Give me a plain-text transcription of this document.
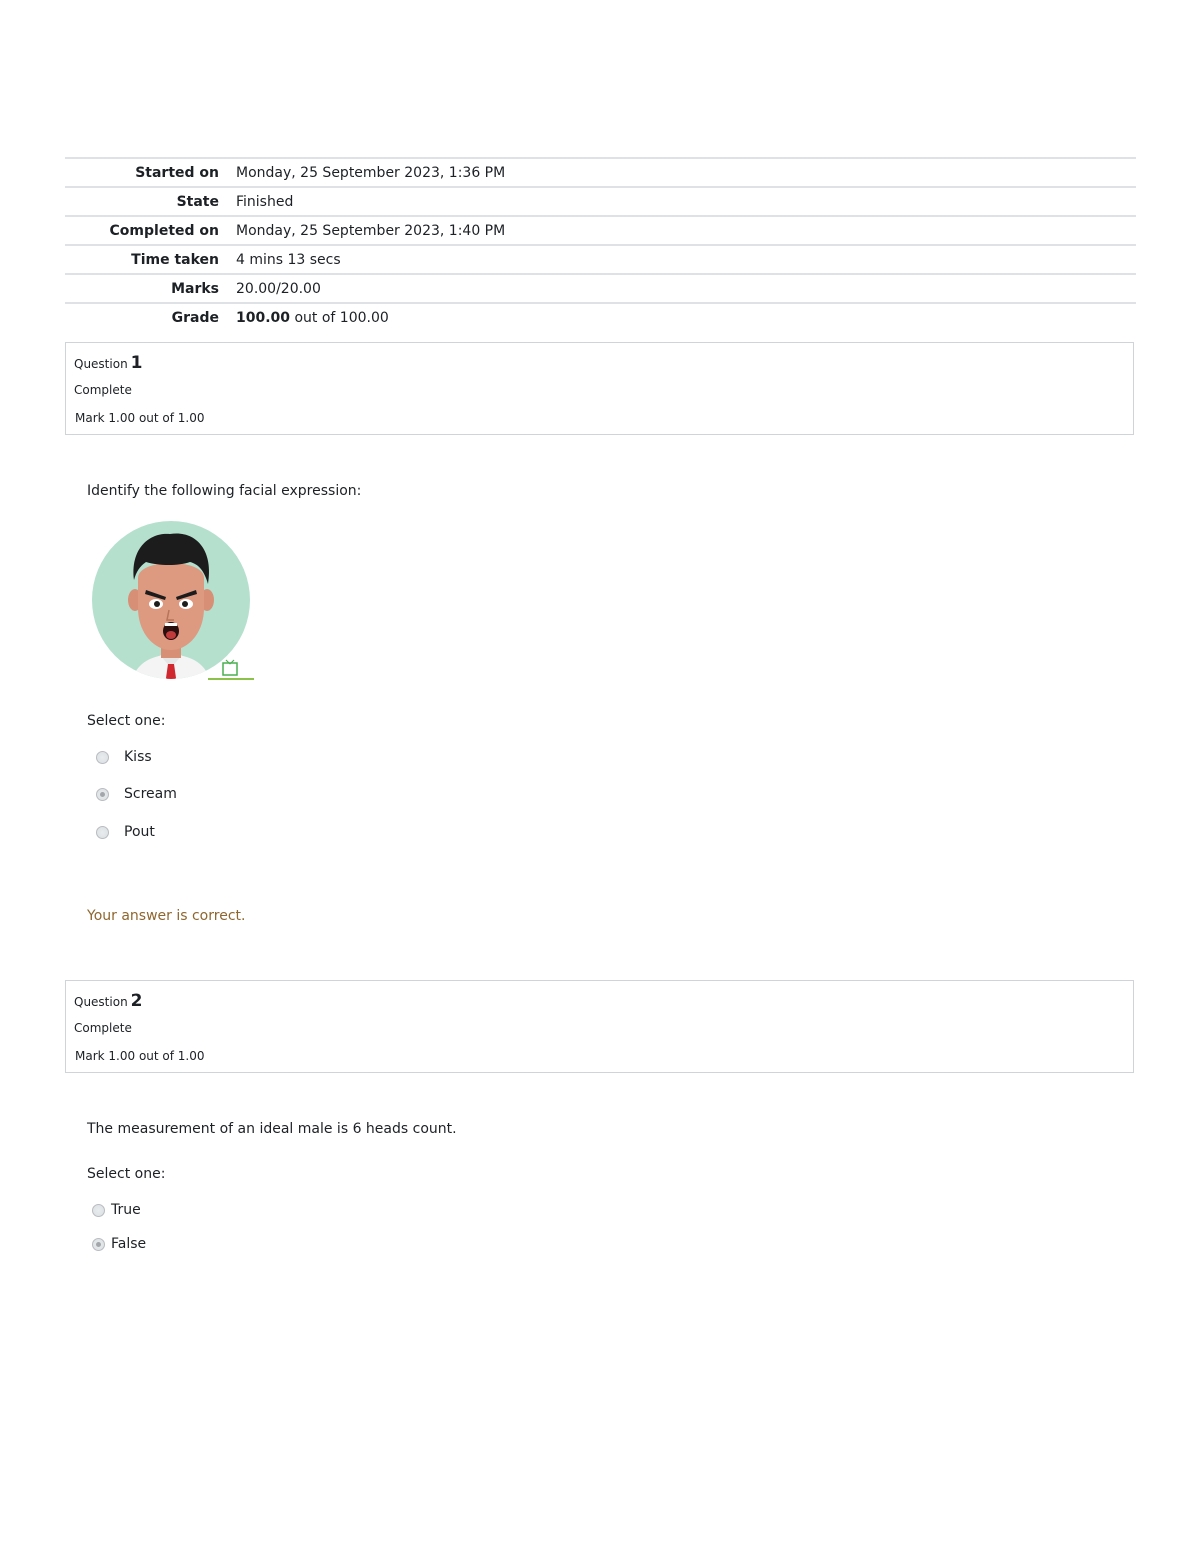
Started on	Monday, 25 September 2023, 1:36 PM
State	Finished
Completed on	Monday, 25 September 2023, 1:40 PM
Time taken	4 mins 13 secs
Marks	20.00/20.00
Grade	100.00 out of 100.00
Question 1
Complete
Mark 1.00 out of 1.00
Identify the following facial expression:
Select one:
Kiss
Scream
Pout
Your answer is correct.
Question 2
Complete
Mark 1.00 out of 1.00
The measurement of an ideal male is 6 heads count.
Select one:
True
False
